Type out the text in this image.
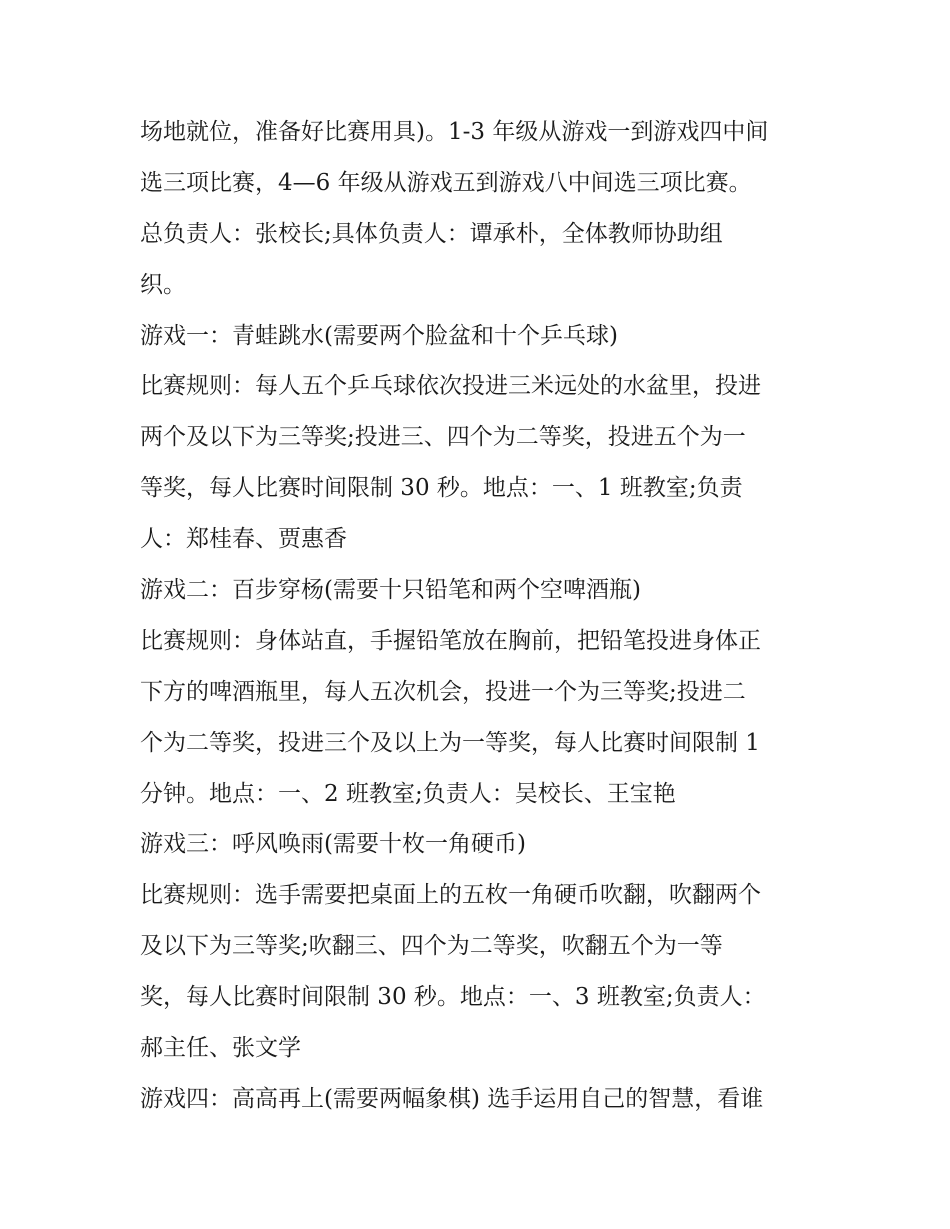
场地就位，准备好比赛用具)。1-3 年级从游戏一到游戏四中间
选三项比赛，4—6 年级从游戏五到游戏八中间选三项比赛。
总负责人：张校长;具体负责人：谭承朴，全体教师协助组
织。
游戏一：青蛙跳水(需要两个脸盆和十个乒乓球)
比赛规则：每人五个乒乓球依次投进三米远处的水盆里，投进
两个及以下为三等奖;投进三、四个为二等奖，投进五个为一
等奖，每人比赛时间限制 30 秒。地点：一、1 班教室;负责
人：郑桂春、贾惠香
游戏二：百步穿杨(需要十只铅笔和两个空啤酒瓶)
比赛规则：身体站直，手握铅笔放在胸前，把铅笔投进身体正
下方的啤酒瓶里，每人五次机会，投进一个为三等奖;投进二
个为二等奖，投进三个及以上为一等奖，每人比赛时间限制 1
分钟。地点：一、2 班教室;负责人：吴校长、王宝艳
游戏三：呼风唤雨(需要十枚一角硬币)
比赛规则：选手需要把桌面上的五枚一角硬币吹翻，吹翻两个
及以下为三等奖;吹翻三、四个为二等奖，吹翻五个为一等
奖，每人比赛时间限制 30 秒。地点：一、3 班教室;负责人：
郝主任、张文学
游戏四：高高再上(需要两幅象棋) 选手运用自己的智慧，看谁
